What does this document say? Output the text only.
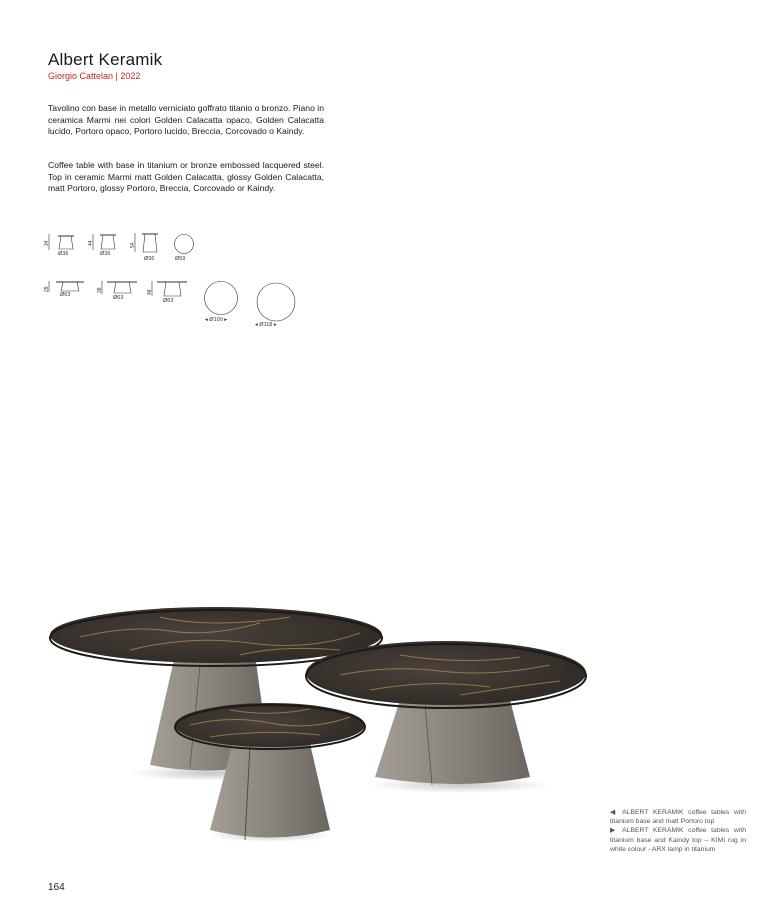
Albert Keramik
Giorgio Cattelan | 2022
Tavolino con base in metallo verniciato goffrato titanio o bronzo. Piano in ceramica Marmi nei colori Golden Calacatta opaco, Golden Calacatta lucido, Portoro opaco, Portoro lucido, Breccia, Corcovado o Kaindy.
Coffee table with base in titanium or bronze embossed lacquered steel. Top in ceramic Marmi matt Golden Calacatta, glossy Golden Calacatta, matt Portoro, glossy Portoro, Breccia, Corcovado or Kaindy.
34
Ø36
44
Ø36
54
Ø36	Ø59
29
Ø63
38
Ø63
48
Ø63
◂ Ø100 ▸
◂ Ø118 ▸

◀ ALBERT KERAMIK coffee tables with titanium base and matt Portoro top

▶ ALBERT KERAMIK coffee tables with titanium base and Kaindy top – KIMI rug in white colour - ARX lamp in titanium

164
